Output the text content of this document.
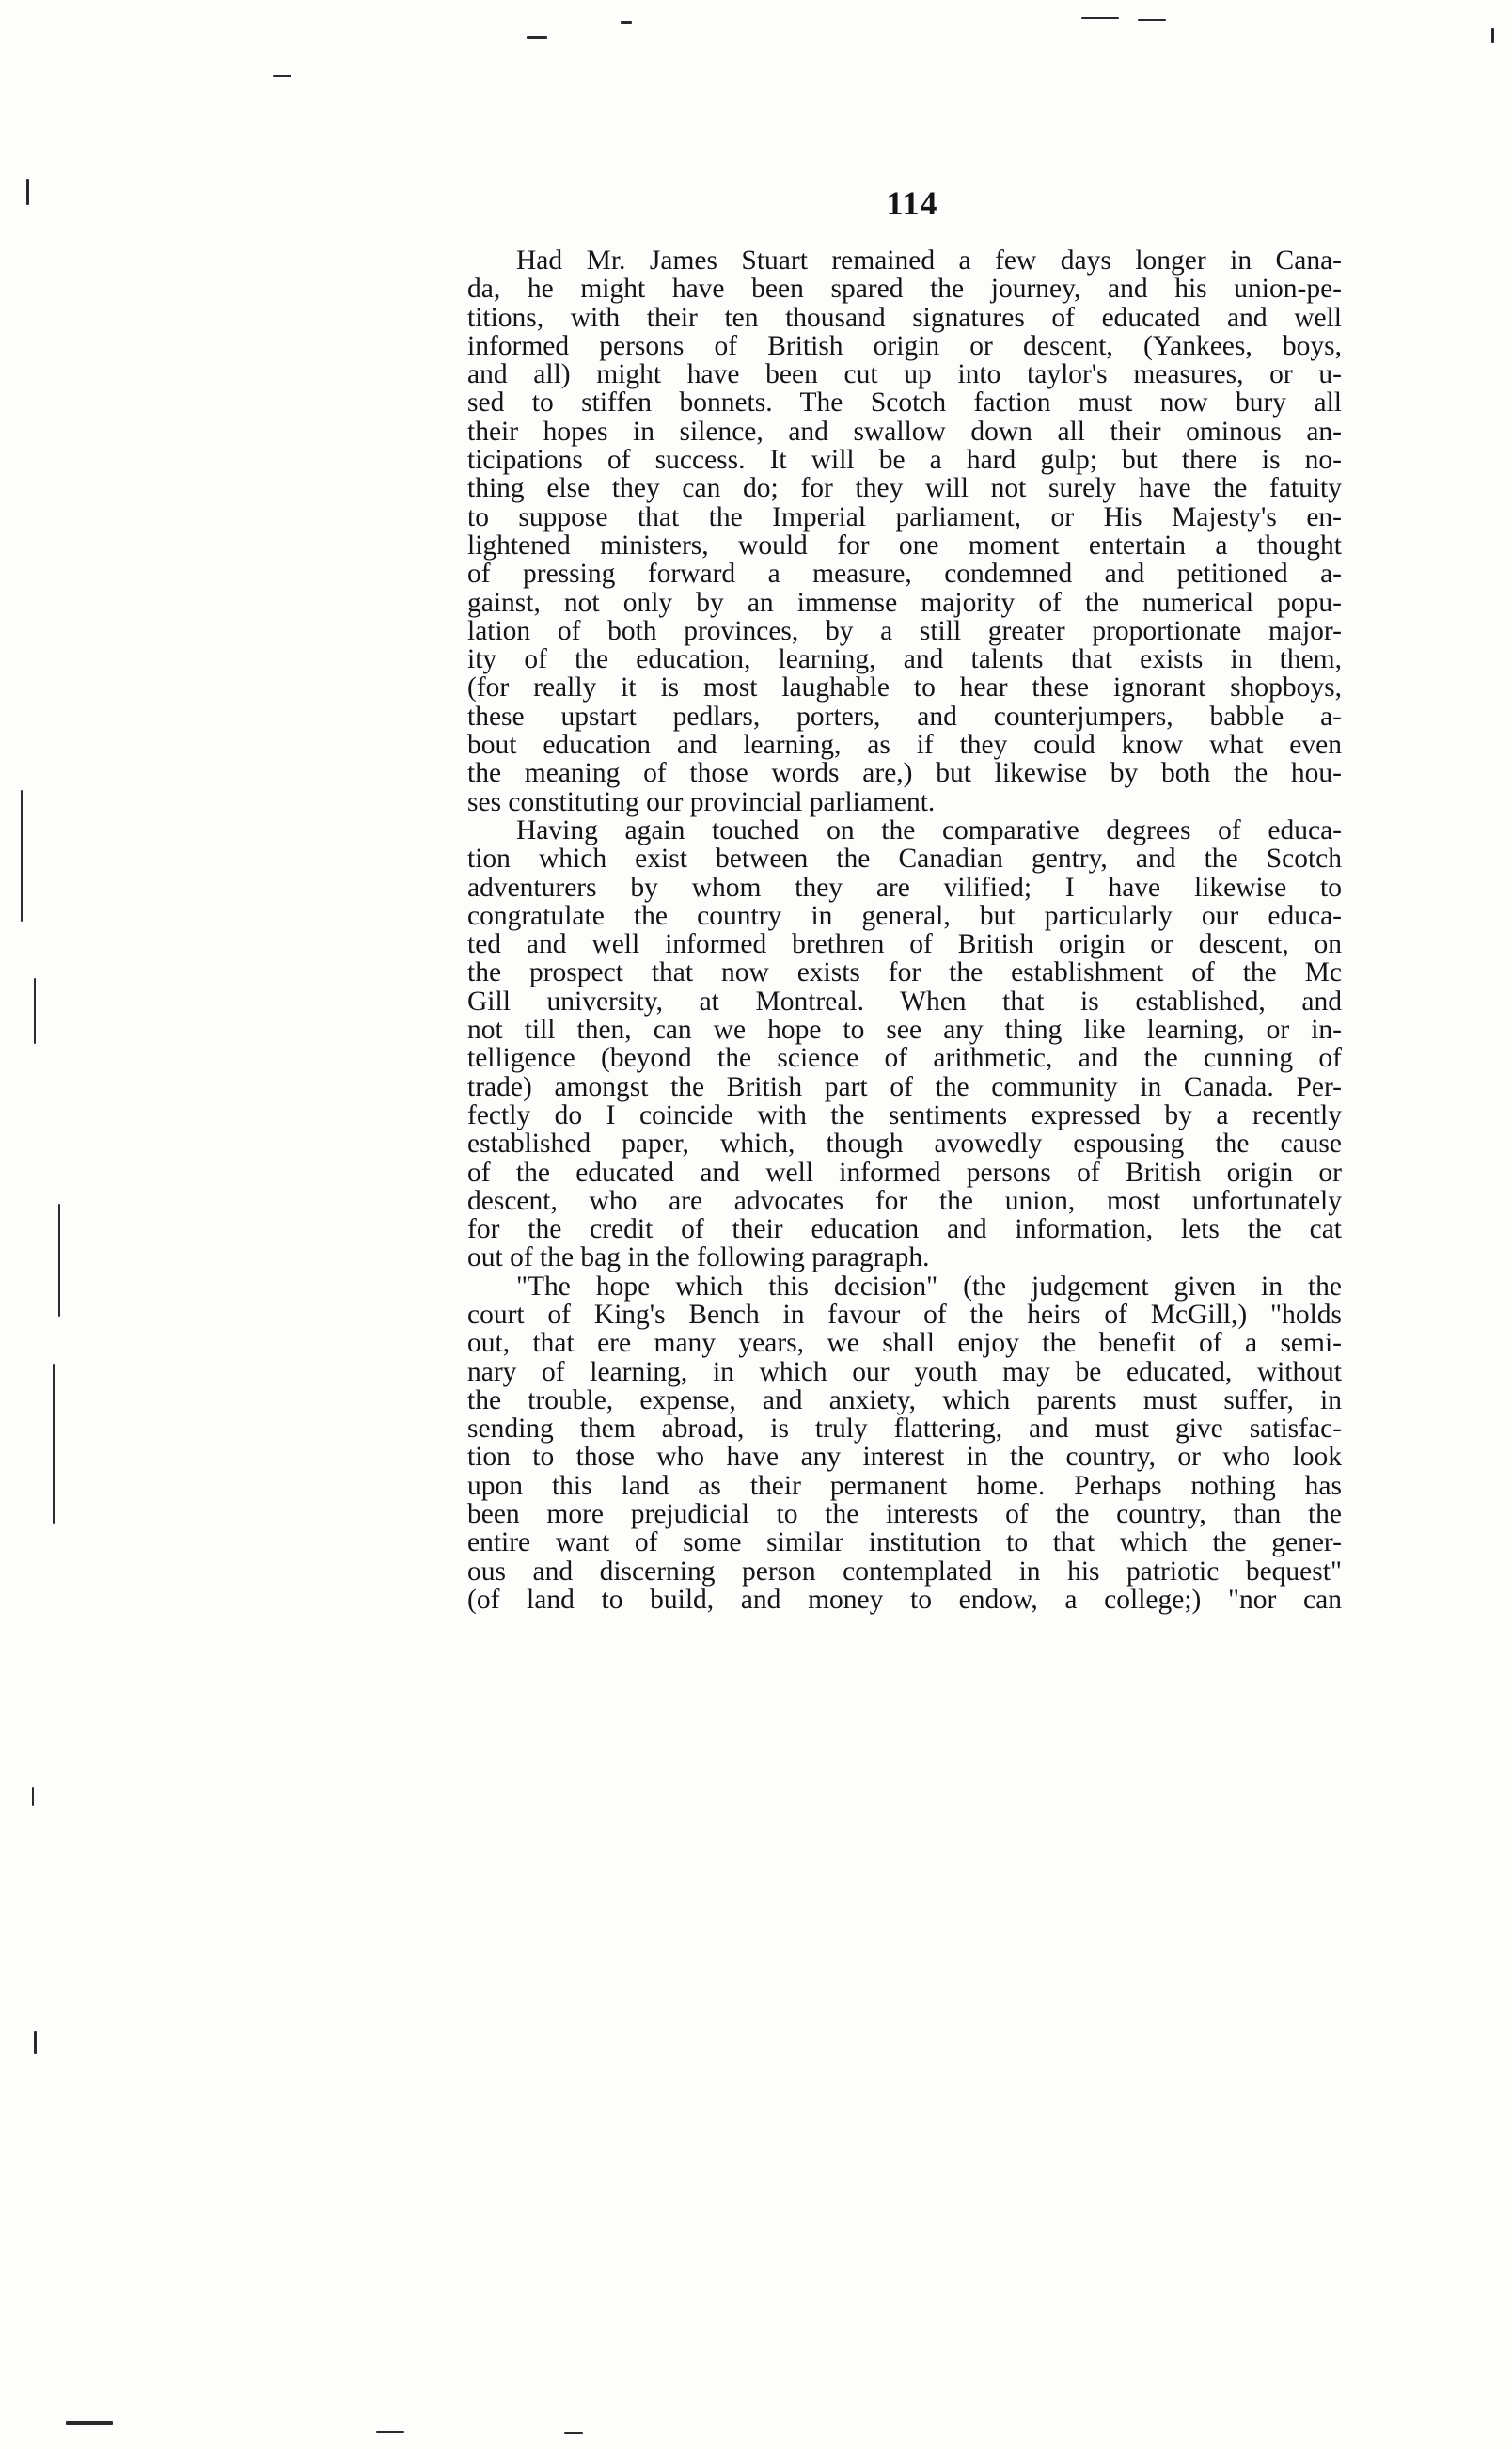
114
Had Mr. James Stuart remained a few days longer in Cana-
da, he might have been spared the journey, and his union-pe-
titions, with their ten thousand signatures of educated and well
informed persons of British origin or descent, (Yankees, boys,
and all) might have been cut up into taylor's measures, or u-
sed to stiffen bonnets. The Scotch faction must now bury all
their hopes in silence, and swallow down all their ominous an-
ticipations of success. It will be a hard gulp; but there is no-
thing else they can do; for they will not surely have the fatuity
to suppose that the Imperial parliament, or His Majesty's en-
lightened ministers, would for one moment entertain a thought
of pressing forward a measure, condemned and petitioned a-
gainst, not only by an immense majority of the numerical popu-
lation of both provinces, by a still greater proportionate major-
ity of the education, learning, and talents that exists in them,
(for really it is most laughable to hear these ignorant shopboys,
these upstart pedlars, porters, and counterjumpers, babble a-
bout education and learning, as if they could know what even
the meaning of those words are,) but likewise by both the hou-
ses constituting our provincial parliament.
Having again touched on the comparative degrees of educa-
tion which exist between the Canadian gentry, and the Scotch
adventurers by whom they are vilified; I have likewise to
congratulate the country in general, but particularly our educa-
ted and well informed brethren of British origin or descent, on
the prospect that now exists for the establishment of the Mc
Gill university, at Montreal. When that is established, and
not till then, can we hope to see any thing like learning, or in-
telligence (beyond the science of arithmetic, and the cunning of
trade) amongst the British part of the community in Canada. Per-
fectly do I coincide with the sentiments expressed by a recently
established paper, which, though avowedly espousing the cause
of the educated and well informed persons of British origin or
descent, who are advocates for the union, most unfortunately
for the credit of their education and information, lets the cat
out of the bag in the following paragraph.
"The hope which this decision" (the judgement given in the
court of King's Bench in favour of the heirs of McGill,) "holds
out, that ere many years, we shall enjoy the benefit of a semi-
nary of learning, in which our youth may be educated, without
the trouble, expense, and anxiety, which parents must suffer, in
sending them abroad, is truly flattering, and must give satisfac-
tion to those who have any interest in the country, or who look
upon this land as their permanent home. Perhaps nothing has
been more prejudicial to the interests of the country, than the
entire want of some similar institution to that which the gener-
ous and discerning person contemplated in his patriotic bequest"
(of land to build, and money to endow, a college;) "nor can
